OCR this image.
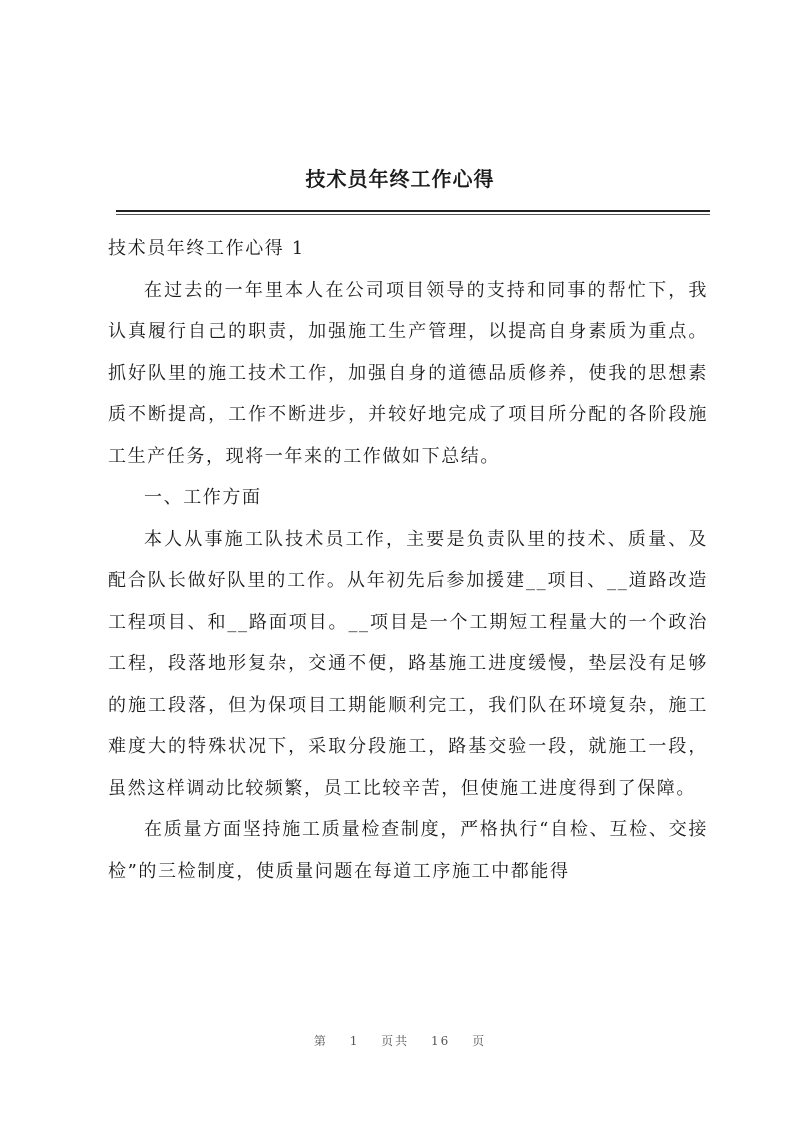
技术员年终工作心得

技术员年终工作心得 1

在过去的一年里本人在公司项目领导的支持和同事的帮忙下，我认真履行自己的职责，加强施工生产管理，以提高自身素质为重点。抓好队里的施工技术工作，加强自身的道德品质修养，使我的思想素质不断提高，工作不断进步，并较好地完成了项目所分配的各阶段施工生产任务，现将一年来的工作做如下总结。

一、工作方面

本人从事施工队技术员工作，主要是负责队里的技术、质量、及配合队长做好队里的工作。从年初先后参加援建__项目、__道路改造工程项目、和__路面项目。__项目是一个工期短工程量大的一个政治工程，段落地形复杂，交通不便，路基施工进度缓慢，垫层没有足够的施工段落，但为保项目工期能顺利完工，我们队在环境复杂，施工难度大的特殊状况下，采取分段施工，路基交验一段，就施工一段，虽然这样调动比较频繁，员工比较辛苦，但使施工进度得到了保障。

在质量方面坚持施工质量检查制度，严格执行“自检、互检、交接检”的三检制度，使质量问题在每道工序施工中都能得

第 1 页共 16 页
